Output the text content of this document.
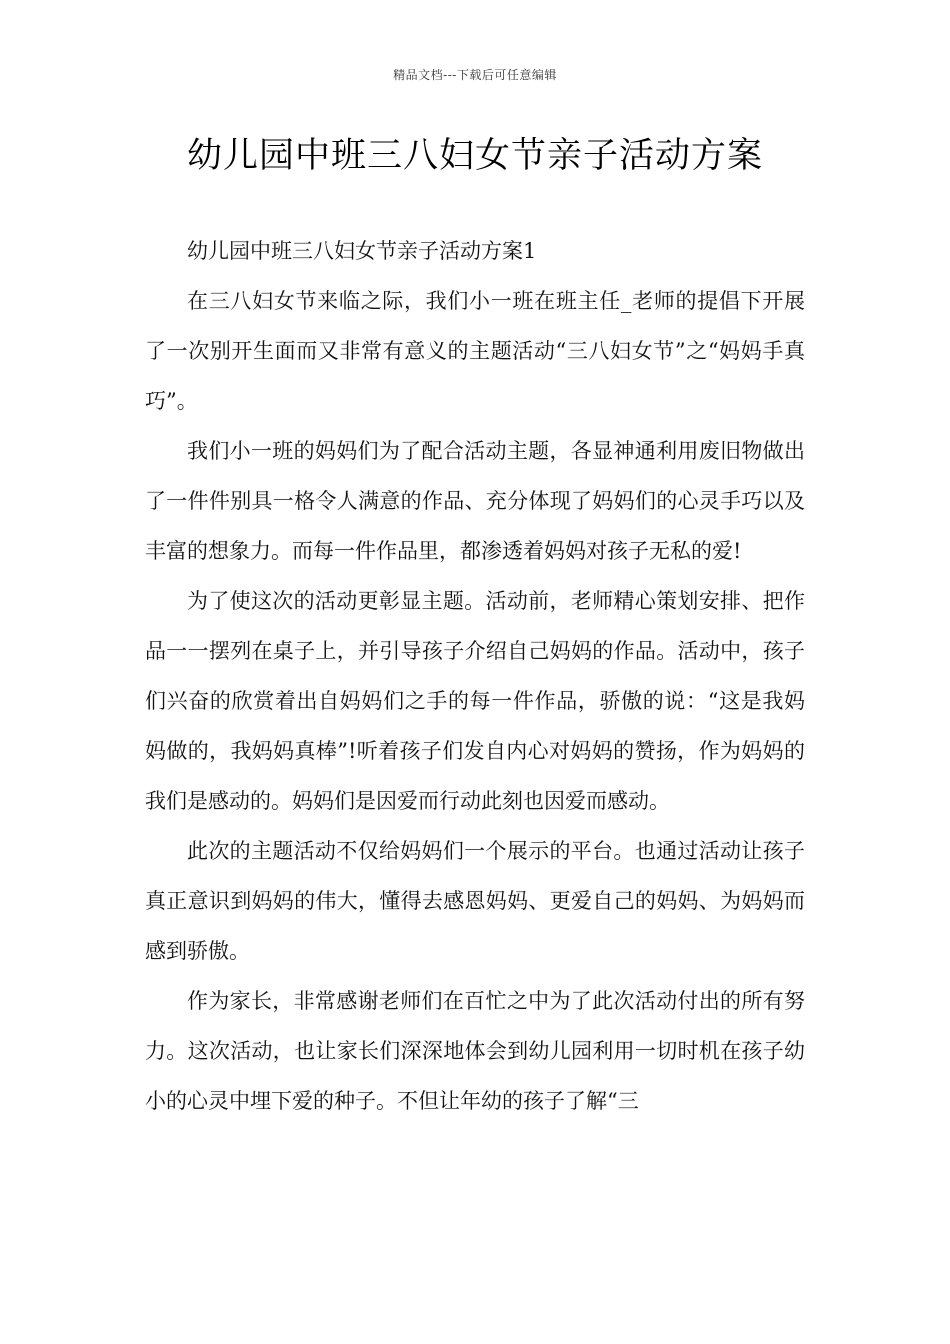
精品文档---下载后可任意编辑
幼儿园中班三八妇女节亲子活动方案

幼儿园中班三八妇女节亲子活动方案1

在三八妇女节来临之际，我们小一班在班主任_老师的提倡下开展了一次别开生面而又非常有意义的主题活动“三八妇女节”之“妈妈手真巧”。

我们小一班的妈妈们为了配合活动主题，各显神通利用废旧物做出了一件件别具一格令人满意的作品、充分体现了妈妈们的心灵手巧以及丰富的想象力。而每一件作品里，都渗透着妈妈对孩子无私的爱!

为了使这次的活动更彰显主题。活动前，老师精心策划安排、把作品一一摆列在桌子上，并引导孩子介绍自己妈妈的作品。活动中，孩子们兴奋的欣赏着出自妈妈们之手的每一件作品，骄傲的说：“这是我妈妈做的，我妈妈真棒”!听着孩子们发自内心对妈妈的赞扬，作为妈妈的我们是感动的。妈妈们是因爱而行动此刻也因爱而感动。

此次的主题活动不仅给妈妈们一个展示的平台。也通过活动让孩子真正意识到妈妈的伟大，懂得去感恩妈妈、更爱自己的妈妈、为妈妈而感到骄傲。

作为家长，非常感谢老师们在百忙之中为了此次活动付出的所有努力。这次活动，也让家长们深深地体会到幼儿园利用一切时机在孩子幼小的心灵中埋下爱的种子。不但让年幼的孩子了解“三
